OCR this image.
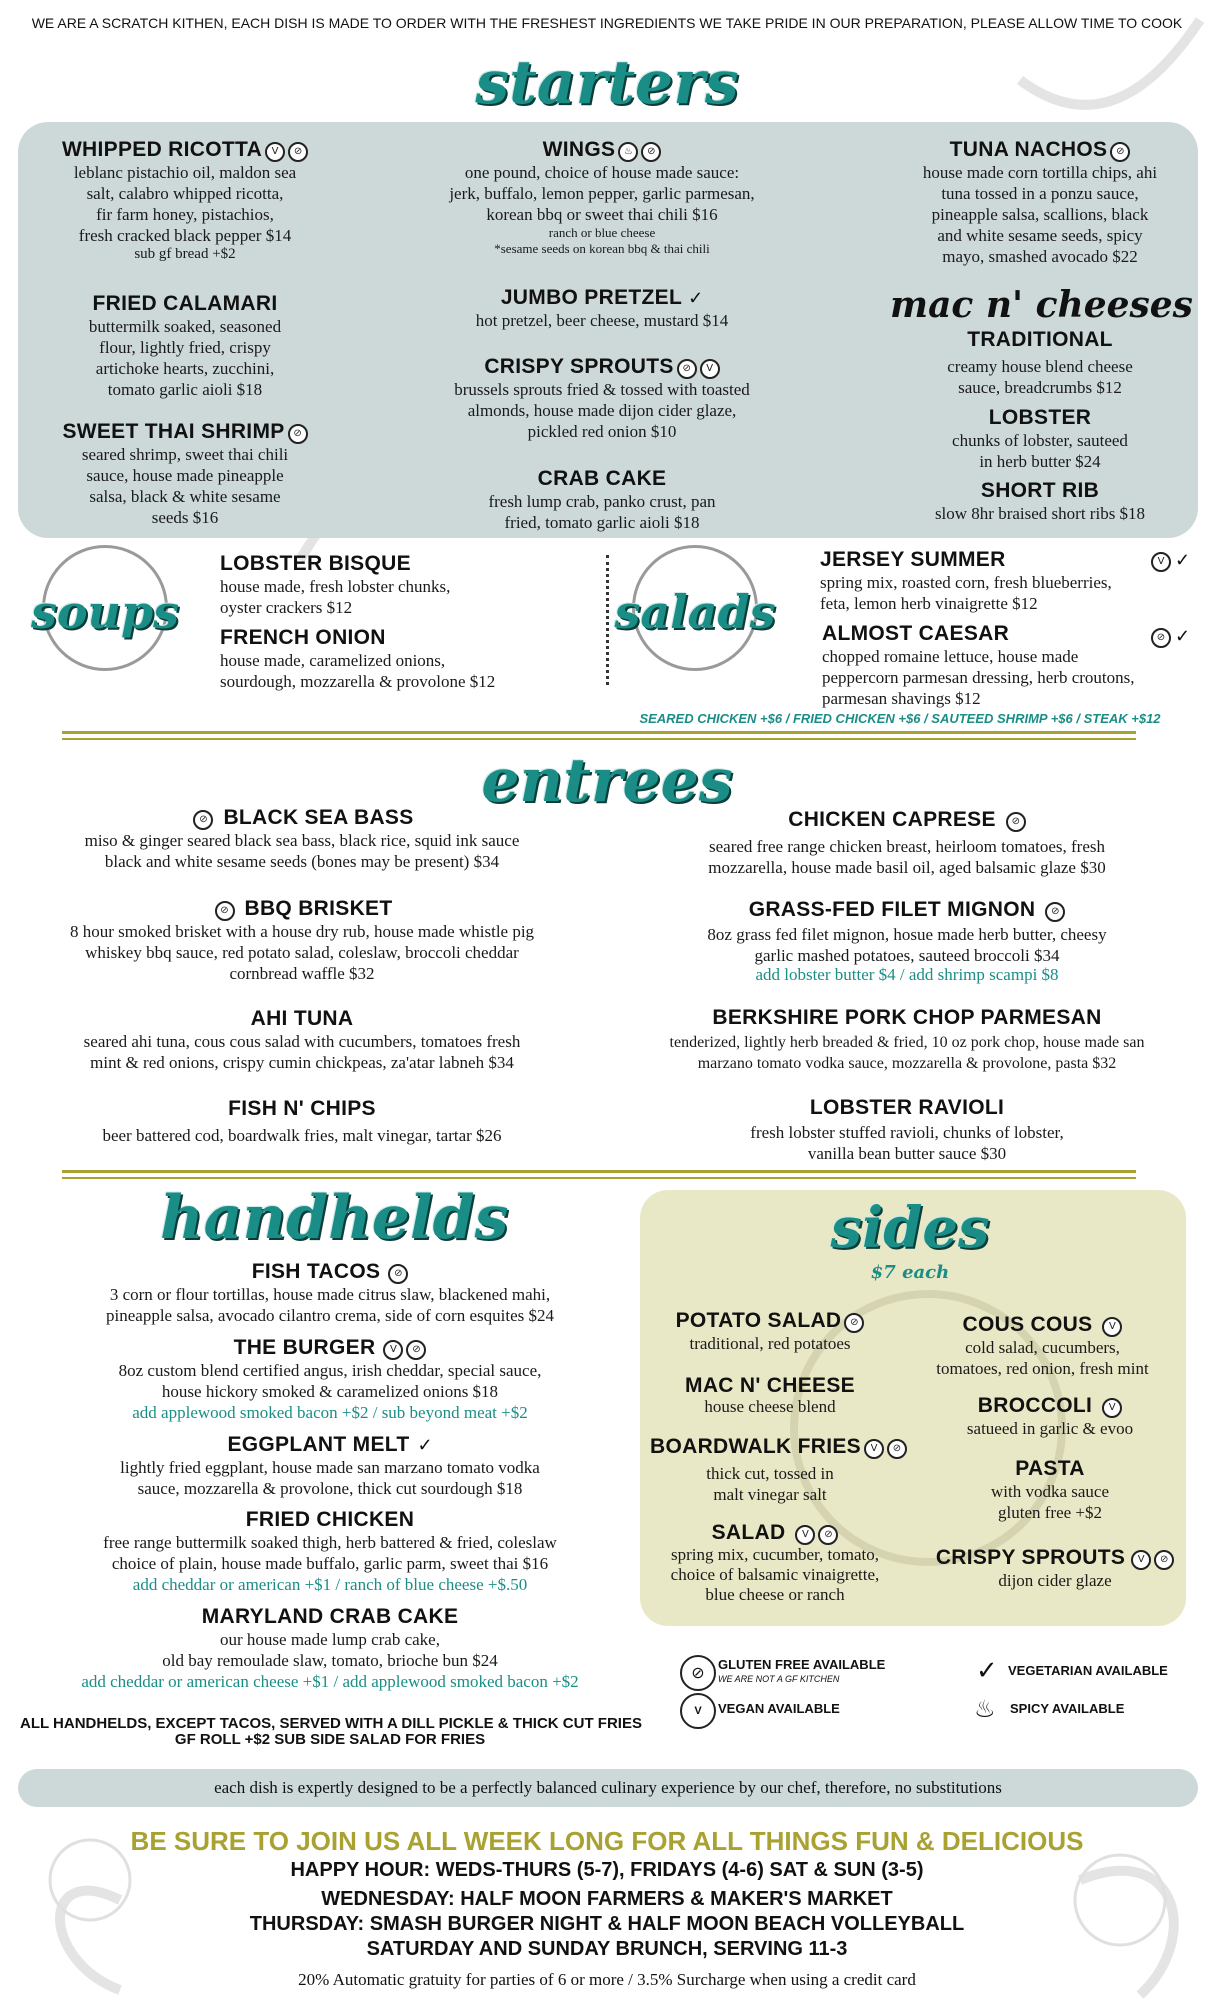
WE ARE A SCRATCH KITHEN, EACH DISH IS MADE TO ORDER WITH THE FRESHEST INGREDIENTS WE TAKE PRIDE IN OUR PREPARATION, PLEASE ALLOW TIME TO COOK
starters
WHIPPED RICOTTA V ⊘
leblanc pistachio oil, maldon sea
salt, calabro whipped ricotta,
fir farm honey, pistachios,
fresh cracked black pepper $14
sub gf bread +$2
FRIED CALAMARI
buttermilk soaked, seasoned
flour, lightly fried, crispy
artichoke hearts, zucchini,
tomato garlic aioli $18
SWEET THAI SHRIMP ⊘
seared shrimp, sweet thai chili
sauce, house made pineapple
salsa, black & white sesame
seeds $16
WINGS ♨ ⊘
one pound, choice of house made sauce:
jerk, buffalo, lemon pepper, garlic parmesan,
korean bbq or sweet thai chili $16
ranch or blue cheese
*sesame seeds on korean bbq & thai chili
JUMBO PRETZEL ✓
hot pretzel, beer cheese, mustard $14
CRISPY SPROUTS ⊘ V
brussels sprouts fried & tossed with toasted
almonds, house made dijon cider glaze,
pickled red onion $10
CRAB CAKE
fresh lump crab, panko crust, pan
fried, tomato garlic aioli $18
TUNA NACHOS ⊘
house made corn tortilla chips, ahi
tuna tossed in a ponzu sauce,
pineapple salsa, scallions, black
and white sesame seeds, spicy
mayo, smashed avocado $22
mac n' cheeses
TRADITIONAL
creamy house blend cheese
sauce, breadcrumbs $12
LOBSTER
chunks of lobster, sauteed
in herb butter $24
SHORT RIB
slow 8hr braised short ribs $18
soups
LOBSTER BISQUE
house made, fresh lobster chunks,
oyster crackers $12
FRENCH ONION
house made, caramelized onions,
sourdough, mozzarella & provolone $12
salads
JERSEY SUMMER
spring mix, roasted corn, fresh blueberries,
feta, lemon herb vinaigrette $12
V ✓
ALMOST CAESAR
chopped romaine lettuce, house made
peppercorn parmesan dressing, herb croutons,
parmesan shavings $12
⊘ ✓
SEARED CHICKEN +$6 / FRIED CHICKEN +$6 / SAUTEED SHRIMP +$6 / STEAK +$12
entrees
⊘ BLACK SEA BASS
miso & ginger seared black sea bass, black rice, squid ink sauce
black and white sesame seeds (bones may be present) $34
⊘ BBQ BRISKET
8 hour smoked brisket with a house dry rub, house made whistle pig
whiskey bbq sauce, red potato salad, coleslaw, broccoli cheddar
cornbread waffle $32
AHI TUNA
seared ahi tuna, cous cous salad with cucumbers, tomatoes fresh
mint & red onions, crispy cumin chickpeas, za'atar labneh $34
FISH N' CHIPS
beer battered cod, boardwalk fries, malt vinegar, tartar $26
CHICKEN CAPRESE ⊘
seared free range chicken breast, heirloom tomatoes, fresh
mozzarella, house made basil oil, aged balsamic glaze $30
GRASS-FED FILET MIGNON ⊘
8oz grass fed filet mignon, hosue made herb butter, cheesy
garlic mashed potatoes, sauteed broccoli $34
add lobster butter $4 / add shrimp scampi $8
BERKSHIRE PORK CHOP PARMESAN
tenderized, lightly herb breaded & fried, 10 oz pork chop, house made san
marzano tomato vodka sauce, mozzarella & provolone, pasta $32
LOBSTER RAVIOLI
fresh lobster stuffed ravioli, chunks of lobster,
vanilla bean butter sauce $30
handhelds
FISH TACOS ⊘
3 corn or flour tortillas, house made citrus slaw, blackened mahi,
pineapple salsa, avocado cilantro crema, side of corn esquites $24
THE BURGER V ⊘
8oz custom blend certified angus, irish cheddar, special sauce,
house hickory smoked & caramelized onions $18
add applewood smoked bacon +$2 / sub beyond meat +$2
EGGPLANT MELT ✓
lightly fried eggplant, house made san marzano tomato vodka
sauce, mozzarella & provolone, thick cut sourdough $18
FRIED CHICKEN
free range buttermilk soaked thigh, herb battered & fried, coleslaw
choice of plain, house made buffalo, garlic parm, sweet thai $16
add cheddar or american +$1 / ranch of blue cheese +$.50
MARYLAND CRAB CAKE
our house made lump crab cake,
old bay remoulade slaw, tomato, brioche bun $24
add cheddar or american cheese +$1 / add applewood smoked bacon +$2
ALL HANDHELDS, EXCEPT TACOS, SERVED WITH A DILL PICKLE & THICK CUT FRIES
GF ROLL +$2 SUB SIDE SALAD FOR FRIES
sides
$7 each
POTATO SALAD ⊘
traditional, red potatoes
MAC N' CHEESE
house cheese blend
BOARDWALK FRIES V ⊘
thick cut, tossed in
malt vinegar salt
SALAD V ⊘
spring mix, cucumber, tomato,
choice of balsamic vinaigrette,
blue cheese or ranch
COUS COUS V
cold salad, cucumbers,
tomatoes, red onion, fresh mint
BROCCOLI V
satueed in garlic & evoo
PASTA
with vodka sauce
gluten free +$2
CRISPY SPROUTS V ⊘
dijon cider glaze
⊘	GLUTEN FREE AVAILABLE
WE ARE NOT A GF KITCHEN
V	VEGAN AVAILABLE
✓ VEGETARIAN AVAILABLE
♨ SPICY AVAILABLE
each dish is expertly designed to be a perfectly balanced culinary experience by our chef, therefore, no substitutions
BE SURE TO JOIN US ALL WEEK LONG FOR ALL THINGS FUN & DELICIOUS
HAPPY HOUR: WEDS-THURS (5-7), FRIDAYS (4-6) SAT & SUN (3-5)
WEDNESDAY: HALF MOON FARMERS & MAKER'S MARKET
THURSDAY: SMASH BURGER NIGHT & HALF MOON BEACH VOLLEYBALL
SATURDAY AND SUNDAY BRUNCH, SERVING 11-3
20% Automatic gratuity for parties of 6 or more / 3.5% Surcharge when using a credit card
